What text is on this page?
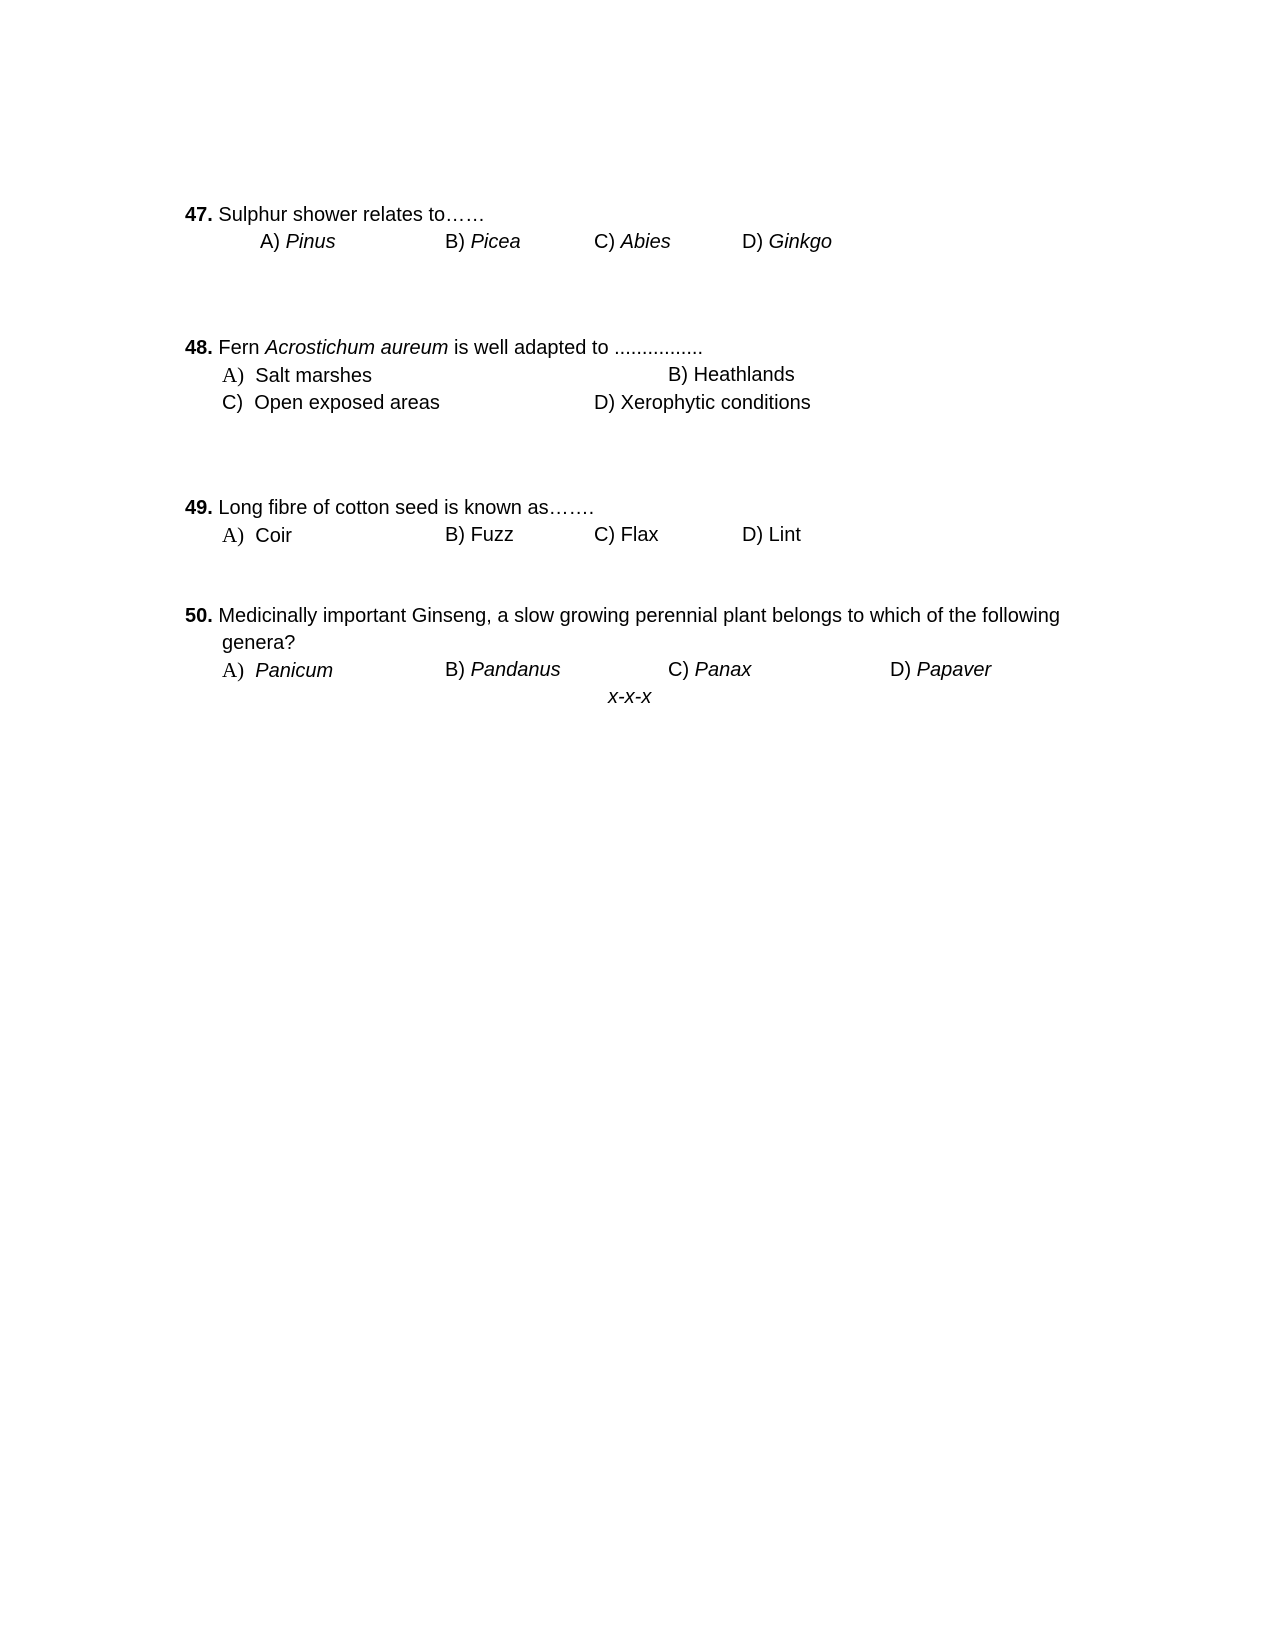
47. Sulphur shower relates to……
A) Pinus	B) Picea	C) Abies	D) Ginkgo
48. Fern Acrostichum aureum is well adapted to ................
A) Salt marshes	B) Heathlands
C) Open exposed areas	D) Xerophytic conditions
49. Long fibre of cotton seed is known as…….
A) Coir	B) Fuzz	C) Flax	D) Lint
50. Medicinally important Ginseng, a slow growing perennial plant belongs to which of the following
genera?
A) Panicum	B) Pandanus	C) Panax	D) Papaver
x-x-x
